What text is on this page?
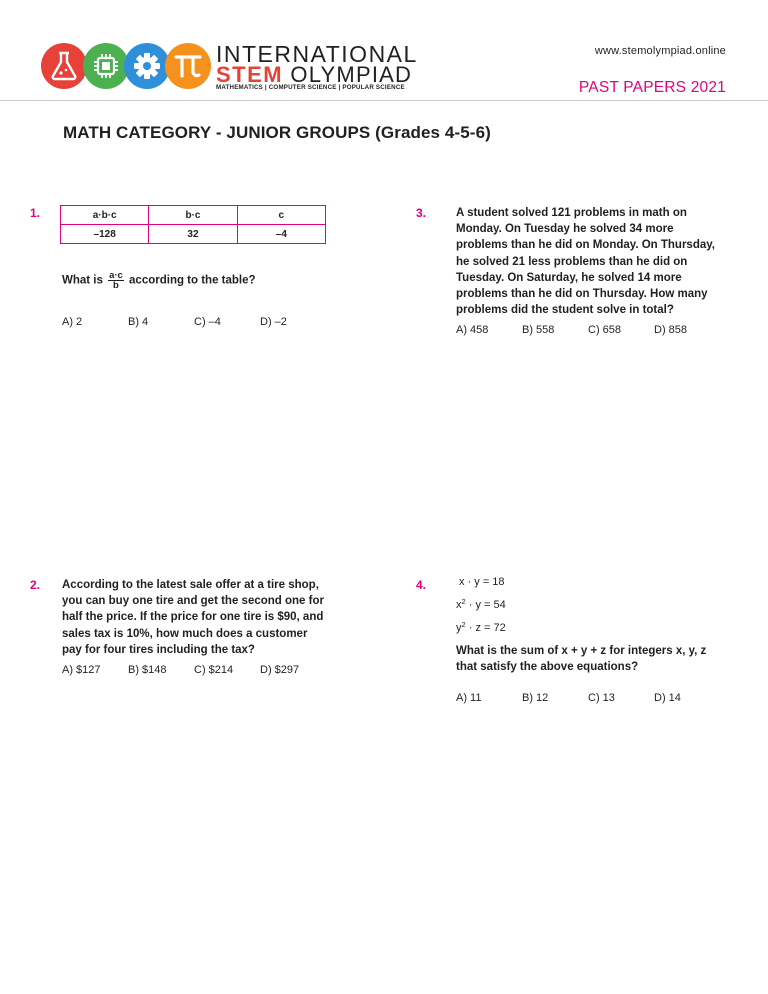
INTERNATIONAL
STEM OLYMPIAD
MATHEMATICS | COMPUTER SCIENCE | POPULAR SCIENCE
www.stemolympiad.online
PAST PAPERS 2021
MATH CATEGORY - JUNIOR GROUPS (Grades 4-5-6)
1.	a·b·c	b·c	c
–128	32	–4
What is $\frac{a\cdot c}{b}$ according to the table?
A) 2	B) 4	C) –4	D) –2
3.	A student solved 121 problems in math on
Monday. On Tuesday he solved 34 more
problems than he did on Monday. On Thursday,
he solved 21 less problems than he did on
Tuesday. On Saturday, he solved 14 more
problems than he did on Thursday. How many
problems did the student solve in total?
A) 458	B) 558	C) 658	D) 858
2. According to the latest sale offer at a tire shop,
you can buy one tire and get the second one for
half the price. If the price for one tire is $90, and
sales tax is 10%, how much does a customer
pay for four tires including the tax?
A) $127	B) $148	C) $214	D) $297
4.	x · y = 18
$x^2 \cdot y = 54$
$y^2 \cdot z = 72$
What is the sum of x + y + z for integers x, y, z
that satisfy the above equations?
A) 11	B) 12	C) 13	D) 14
